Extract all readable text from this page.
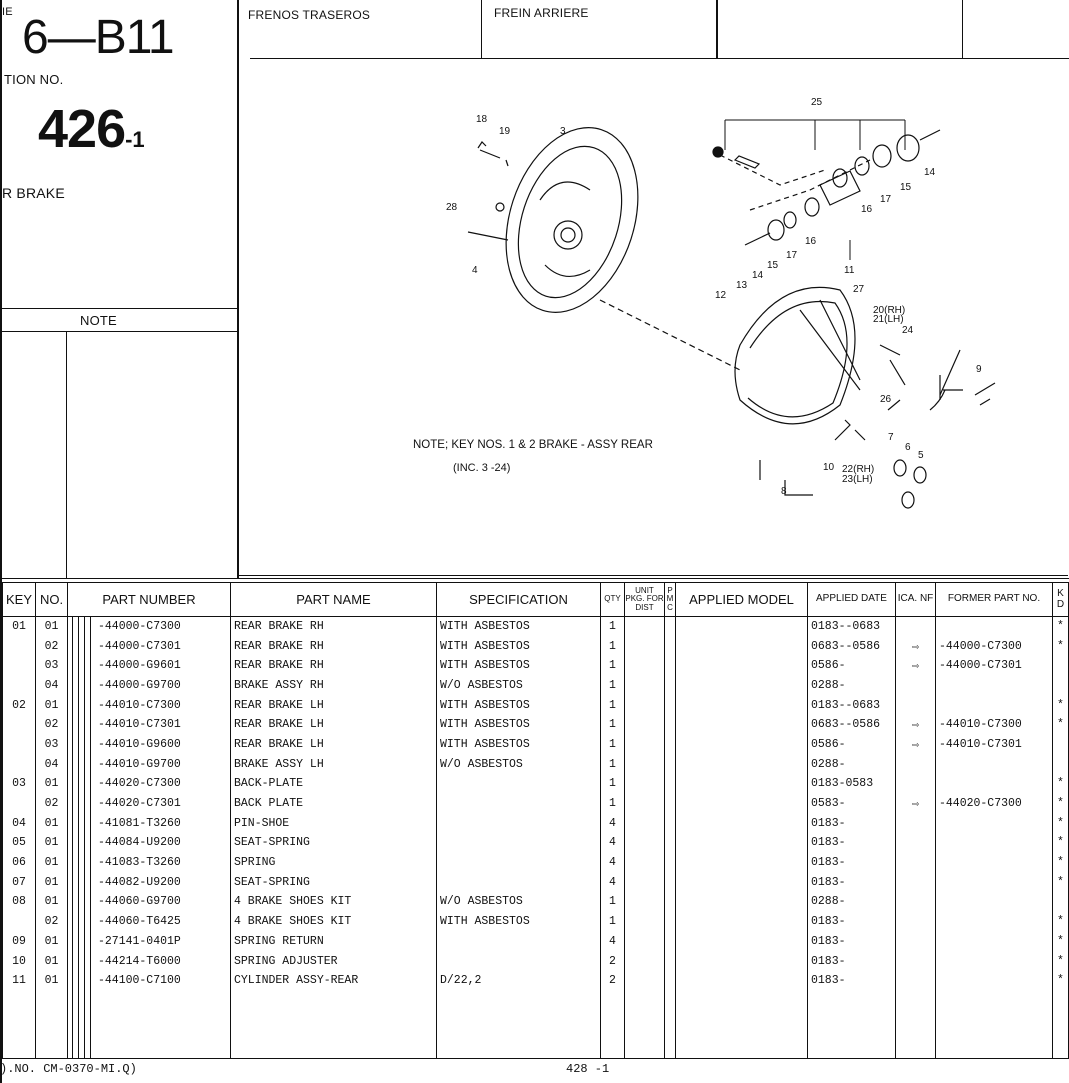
IE 6—B11
TION NO.
426-1
R BRAKE
NOTE
FRENOS TRASEROS	FREIN ARRIERE
18
19	3
28
4
25
14
15
17
16
11
12
13
14
15
17
16
27
20(RH)
21(LH)
24
9
26
7
6
5
10 22(RH)
23(LH)
8
NOTE; KEY NOS. 1 & 2 BRAKE - ASSY REAR
(INC. 3 -24)
KEY	NO.	PART NUMBER	PART NAME	SPECIFICATION	QTY	UNIT PKG. FOR DIST	P M C	APPLIED MODEL	APPLIED DATE	ICA. NF	FORMER PART NO.	K D
01	01	-44000-C7300	REAR BRAKE RH	WITH ASBESTOS	1				0183--0683			*
	02	-44000-C7301	REAR BRAKE RH	WITH ASBESTOS	1				0683--0586	⇨	-44000-C7300	*
	03	-44000-G9601	REAR BRAKE RH	WITH ASBESTOS	1				0586-	⇨	-44000-C7301	
	04	-44000-G9700	BRAKE ASSY RH	W/O ASBESTOS	1				0288-			
02	01	-44010-C7300	REAR BRAKE LH	WITH ASBESTOS	1				0183--0683			*
	02	-44010-C7301	REAR BRAKE LH	WITH ASBESTOS	1				0683--0586	⇨	-44010-C7300	*
	03	-44010-G9600	REAR BRAKE LH	WITH ASBESTOS	1				0586-	⇨	-44010-C7301	
	04	-44010-G9700	BRAKE ASSY LH	W/O ASBESTOS	1				0288-			
03	01	-44020-C7300	BACK-PLATE		1				0183-0583			*
	02	-44020-C7301	BACK PLATE		1				0583-	⇨	-44020-C7300	*
04	01	-41081-T3260	PIN-SHOE		4				0183-			*
05	01	-44084-U9200	SEAT-SPRING		4				0183-			*
06	01	-41083-T3260	SPRING		4				0183-			*
07	01	-44082-U9200	SEAT-SPRING		4				0183-			*
08	01	-44060-G9700	4 BRAKE SHOES KIT	W/O ASBESTOS	1				0288-			
	02	-44060-T6425	4 BRAKE SHOES KIT	WITH ASBESTOS	1				0183-			*
09	01	-27141-0401P	SPRING RETURN		4				0183-			*
10	01	-44214-T6000	SPRING ADJUSTER		2				0183-			*
11	01	-44100-C7100	CYLINDER ASSY-REAR	D/22,2	2				0183-			*

).NO. CM-0370-MI.Q)	428 -1
